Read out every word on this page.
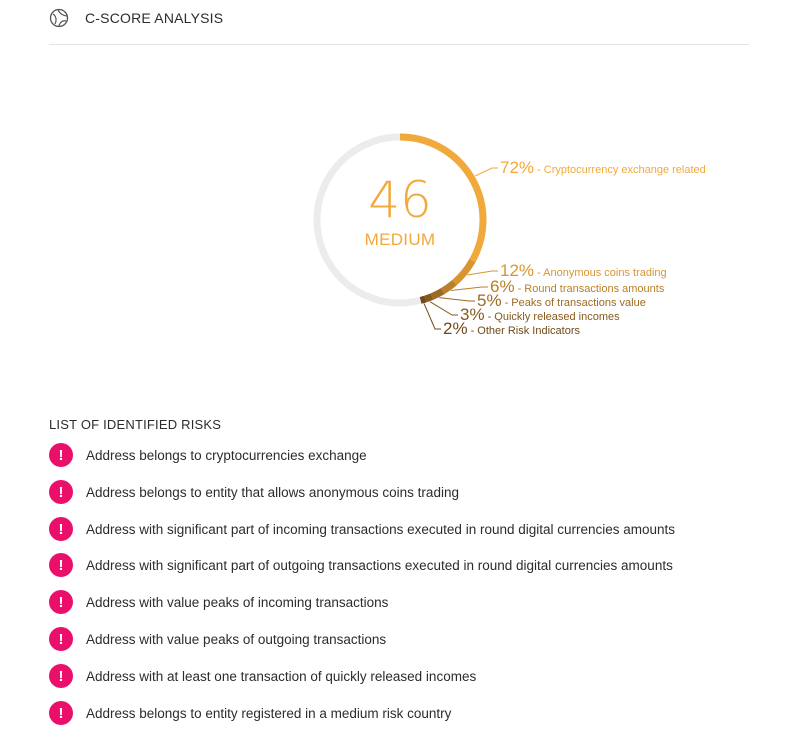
C-SCORE ANALYSIS
72% - Cryptocurrency exchange related
12% - Anonymous coins trading
6% - Round transactions amounts
5% - Peaks of transactions value
3% - Quickly released incomes
2% - Other Risk Indicators
46
MEDIUM
LIST OF IDENTIFIED RISKS
!	Address belongs to cryptocurrencies exchange
!	Address belongs to entity that allows anonymous coins trading
!	Address with significant part of incoming transactions executed in round digital currencies amounts
!	Address with significant part of outgoing transactions executed in round digital currencies amounts
!	Address with value peaks of incoming transactions
!	Address with value peaks of outgoing transactions
!	Address with at least one transaction of quickly released incomes
!	Address belongs to entity registered in a medium risk country
